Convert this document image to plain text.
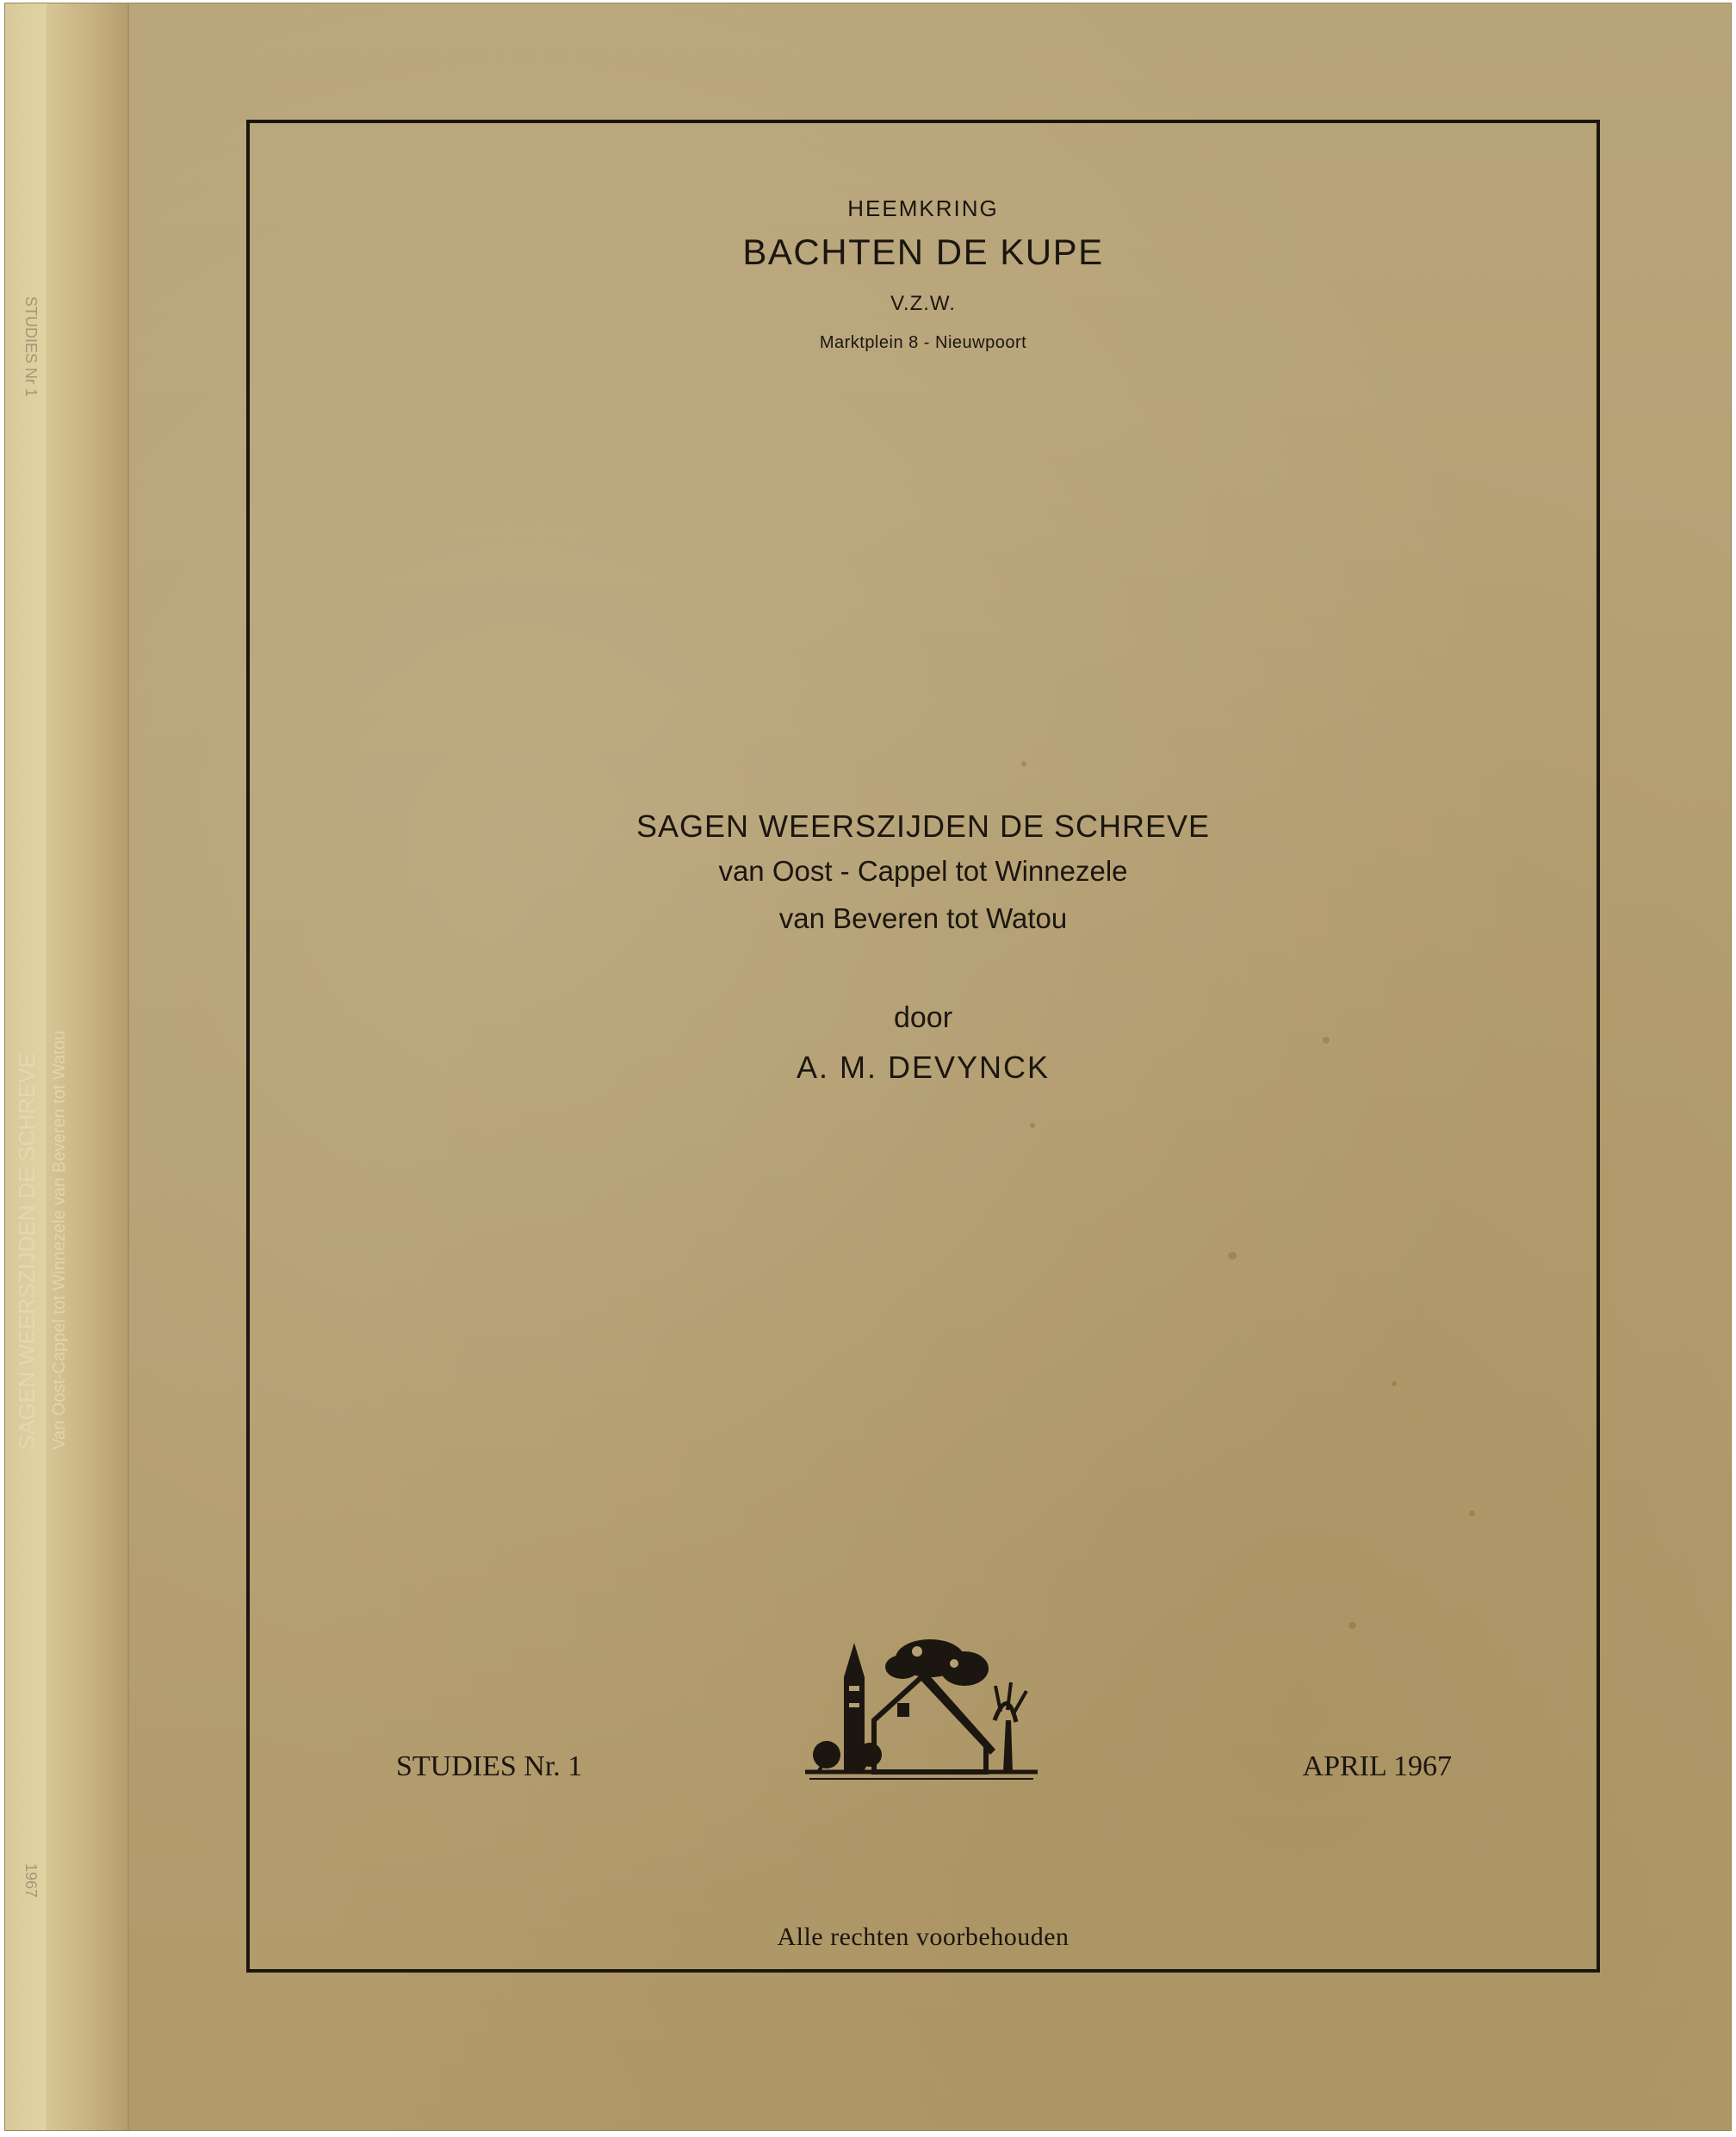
STUDIES Nr 1
SAGEN WEERSZIJDEN DE SCHREVE Van Oost-Cappel tot Winnezele van Beveren tot Watou
1967

HEEMKRING

BACHTEN DE KUPE

V.Z.W.

Marktplein 8 - Nieuwpoort

SAGEN WEERSZIJDEN DE SCHREVE

van Oost - Cappel tot Winnezele

van Beveren tot Watou

door

A. M. DEVYNCK

STUDIES Nr. 1	APRIL 1967

Alle rechten voorbehouden
